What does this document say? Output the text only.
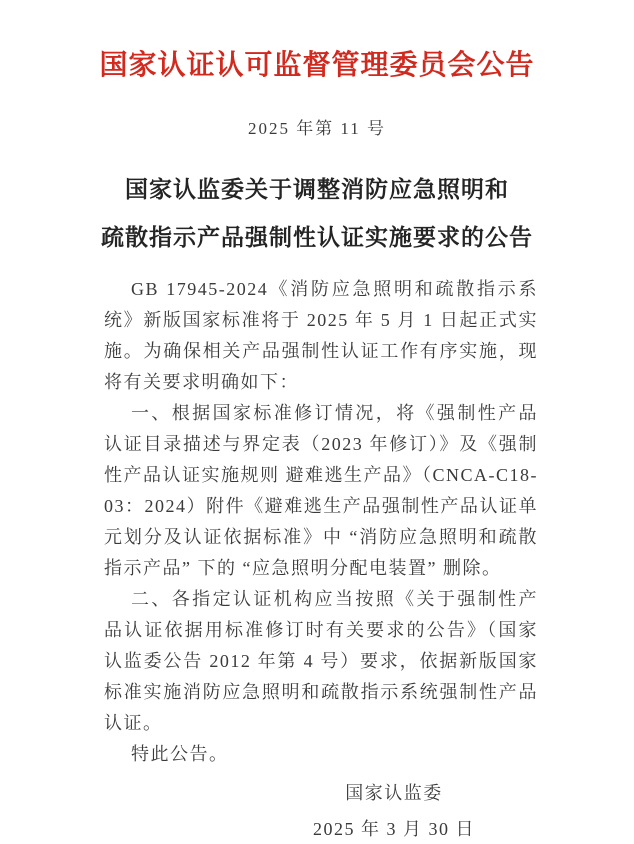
国家认证认可监督管理委员会公告
2025 年第 11 号
国家认监委关于调整消防应急照明和
疏散指示产品强制性认证实施要求的公告

GB 17945-2024《消防应急照明和疏散指示系统》新版国家标准将于 2025 年 5 月 1 日起正式实施。为确保相关产品强制性认证工作有序实施，现将有关要求明确如下：

一、根据国家标准修订情况，将《强制性产品认证目录描述与界定表（2023 年修订）》及《强制性产品认证实施规则 避难逃生产品》（CNCA-C18-03：2024）附件《避难逃生产品强制性产品认证单元划分及认证依据标准》中 “消防应急照明和疏散指示产品” 下的 “应急照明分配电装置” 删除。

二、各指定认证机构应当按照《关于强制性产品认证依据用标准修订时有关要求的公告》（国家认监委公告 2012 年第 4 号）要求，依据新版国家标准实施消防应急照明和疏散指示系统强制性产品认证。

特此公告。

国家认监委
2025 年 3 月 30 日
